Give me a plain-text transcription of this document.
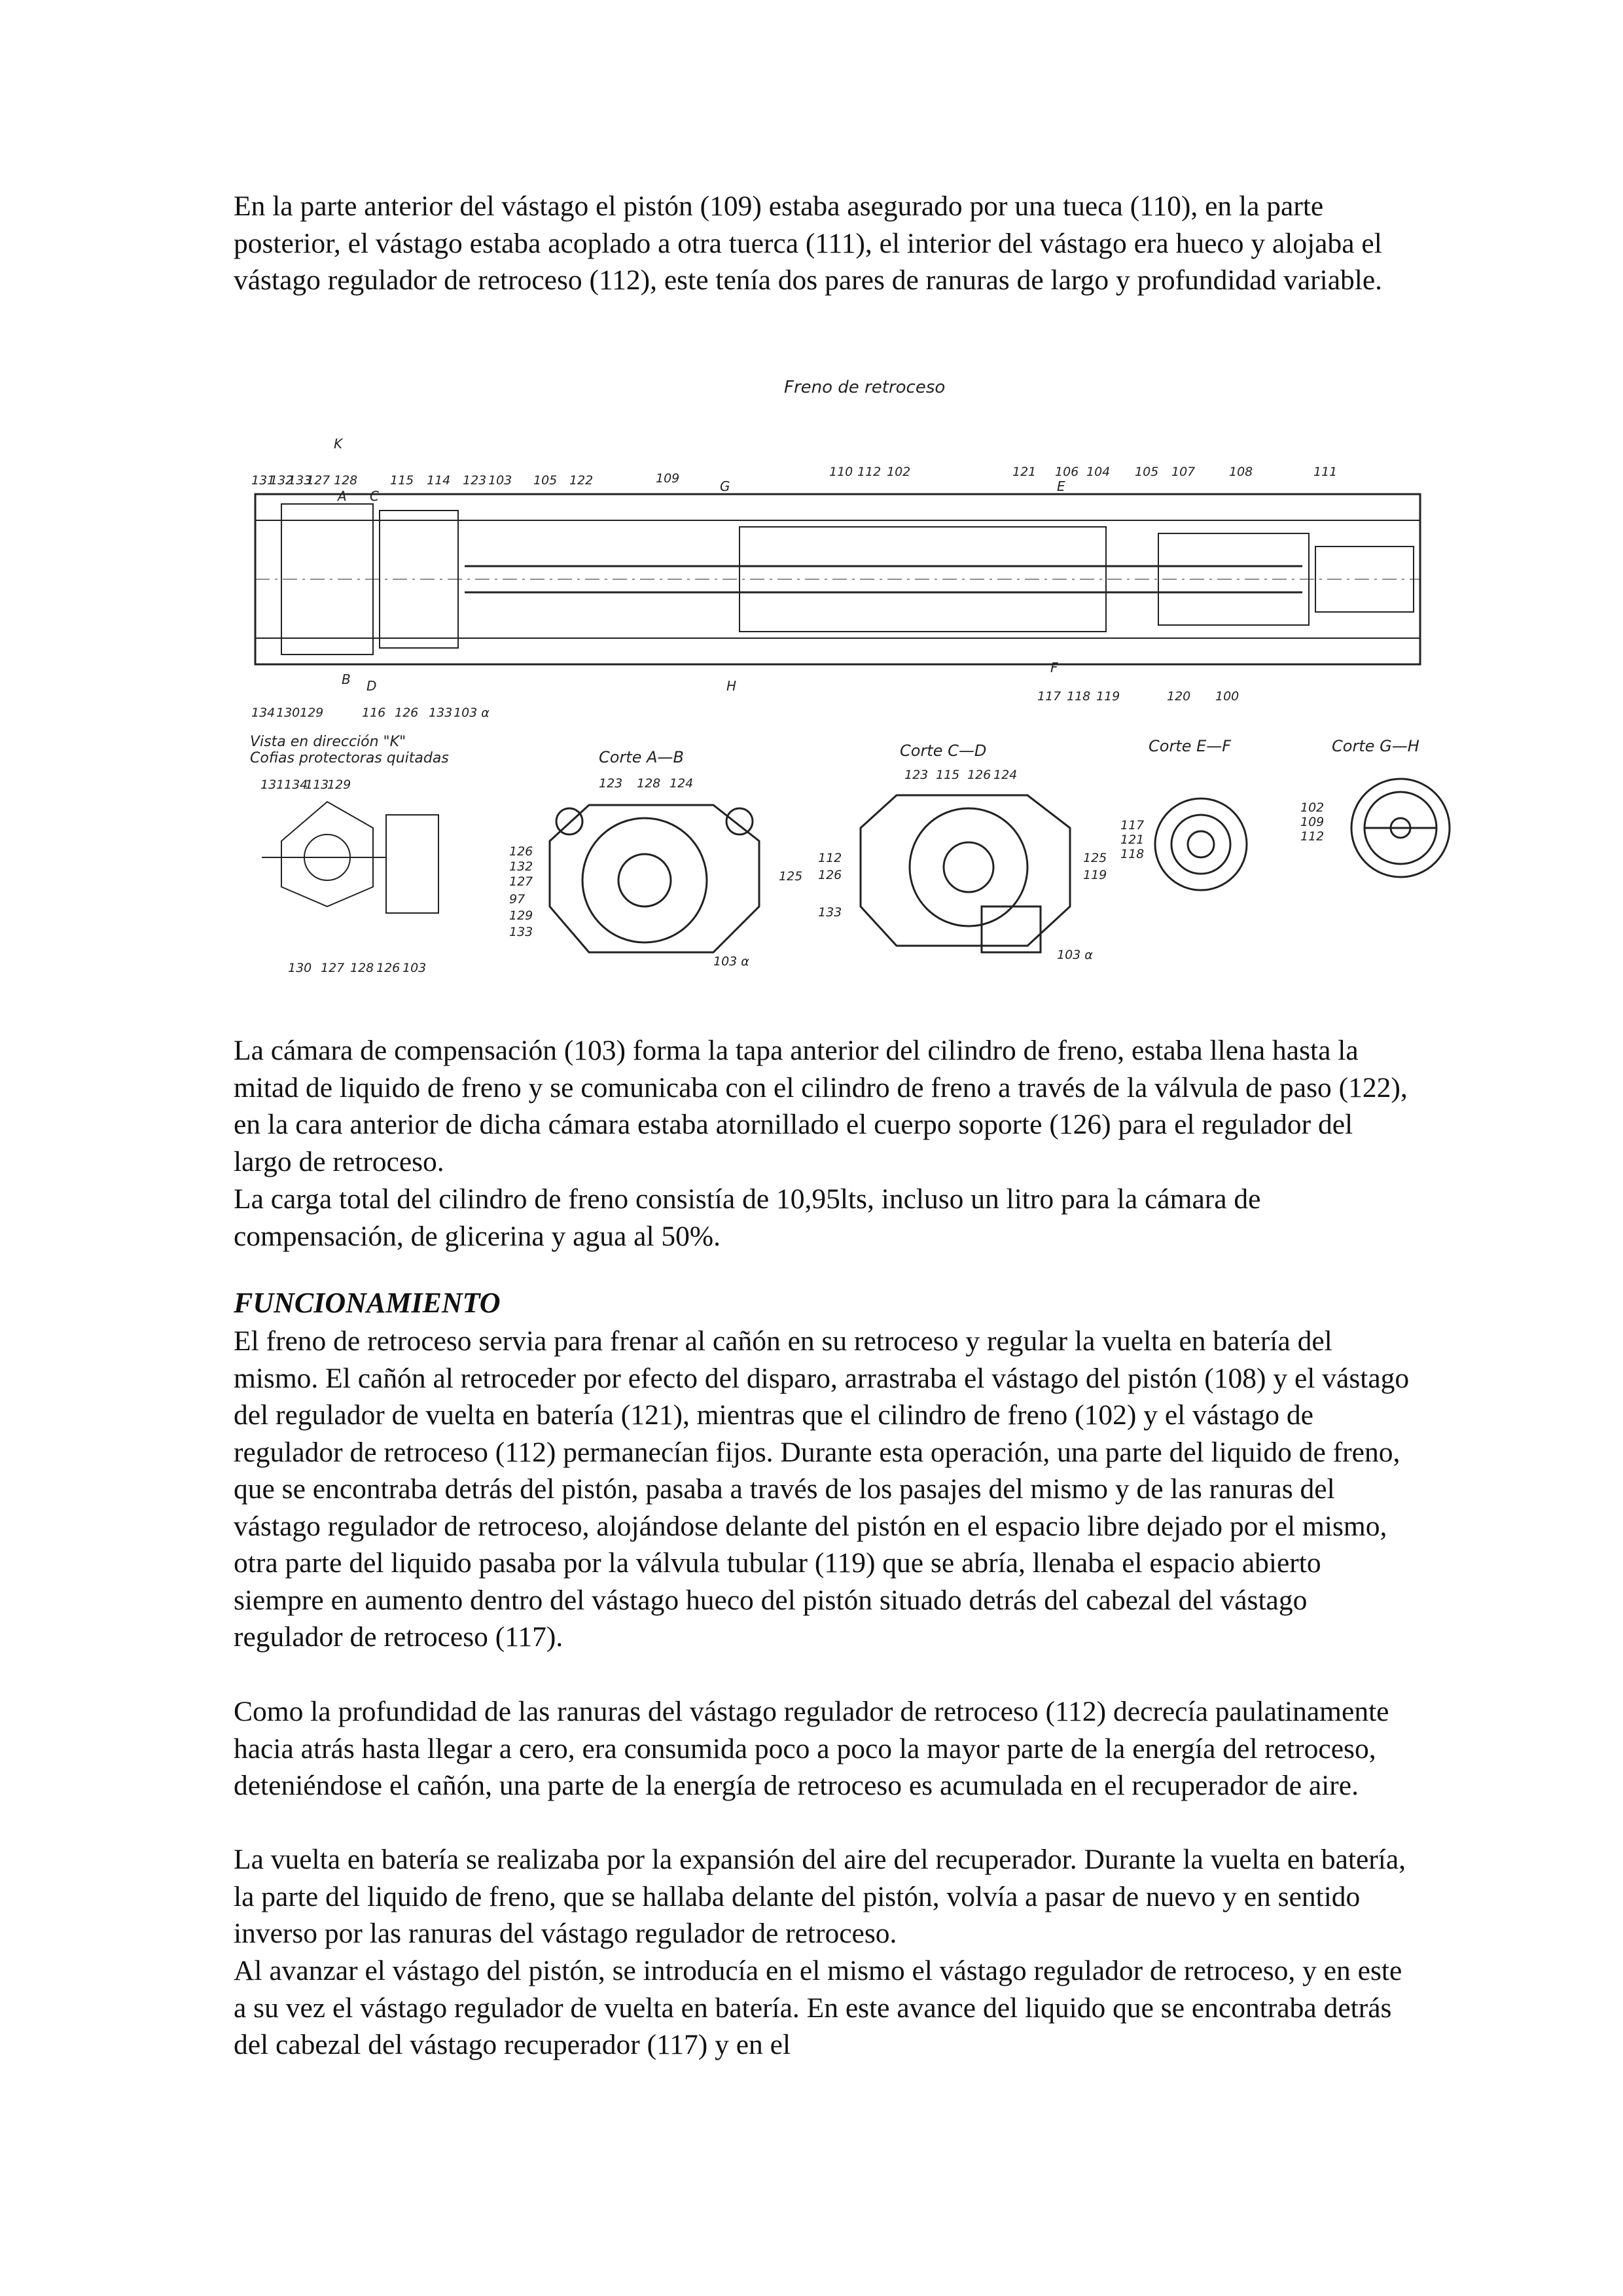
En la parte anterior del vástago el pistón (109) estaba asegurado por una tueca (110), en la parte posterior, el vástago estaba acoplado a otra tuerca (111), el interior del vástago era hueco y alojaba el vástago regulador de retroceso (112), este tenía dos pares de ranuras de largo y profundidad variable.

Freno de retroceso
131
132
133
127 128	115 114 123 103 105 122	109	110 112 102	121 106 104 105 107	108	111
K
A C
G	E
B D	H
F
134 130 129	116 126 133 103 α
117 118 119	120 100
Vista en dirección "K"
Cofias protectoras quitadas
131 134
113
129
130 127 128 126 103
Corte A—B
123 128 124
126
132
127
97
129
133
125
103 α
Corte C—D
123 115 126 124
112
126
133
125
119
103 α
Corte E—F
117
121
118
Corte G—H
102
109
112

La cámara de compensación (103) forma la tapa anterior del cilindro de freno, estaba llena hasta la mitad de liquido de freno y se comunicaba con el cilindro de freno a través de la válvula de paso (122), en la cara anterior de dicha cámara estaba atornillado el cuerpo soporte (126) para el regulador del largo de retroceso.

La carga total del cilindro de freno consistía de 10,95lts, incluso un litro para la cámara de compensación, de glicerina y agua al 50%.

FUNCIONAMIENTO

El freno de retroceso servia para frenar al cañón en su retroceso y regular la vuelta en batería del mismo. El cañón al retroceder por efecto del disparo, arrastraba el vástago del pistón (108) y el vástago del regulador de vuelta en batería (121), mientras que el cilindro de freno (102) y el vástago de regulador de retroceso (112) permanecían fijos. Durante esta operación, una parte del liquido de freno, que se encontraba detrás del pistón, pasaba a través de los pasajes del mismo y de las ranuras del vástago regulador de retroceso, alojándose delante del pistón en el espacio libre dejado por el mismo, otra parte del liquido pasaba por la válvula tubular (119) que se abría, llenaba el espacio abierto siempre en aumento dentro del vástago hueco del pistón situado detrás del cabezal del vástago regulador de retroceso (117).

Como la profundidad de las ranuras del vástago regulador de retroceso (112) decrecía paulatinamente hacia atrás hasta llegar a cero, era consumida poco a poco la mayor parte de la energía del retroceso, deteniéndose el cañón, una parte de la energía de retroceso es acumulada en el recuperador de aire.

La vuelta en batería se realizaba por la expansión del aire del recuperador. Durante la vuelta en batería, la parte del liquido de freno, que se hallaba delante del pistón, volvía a pasar de nuevo y en sentido inverso por las ranuras del vástago regulador de retroceso.

Al avanzar el vástago del pistón, se introducía en el mismo el vástago regulador de retroceso, y en este a su vez el vástago regulador de vuelta en batería. En este avance del liquido que se encontraba detrás del cabezal del vástago recuperador (117) y en el
